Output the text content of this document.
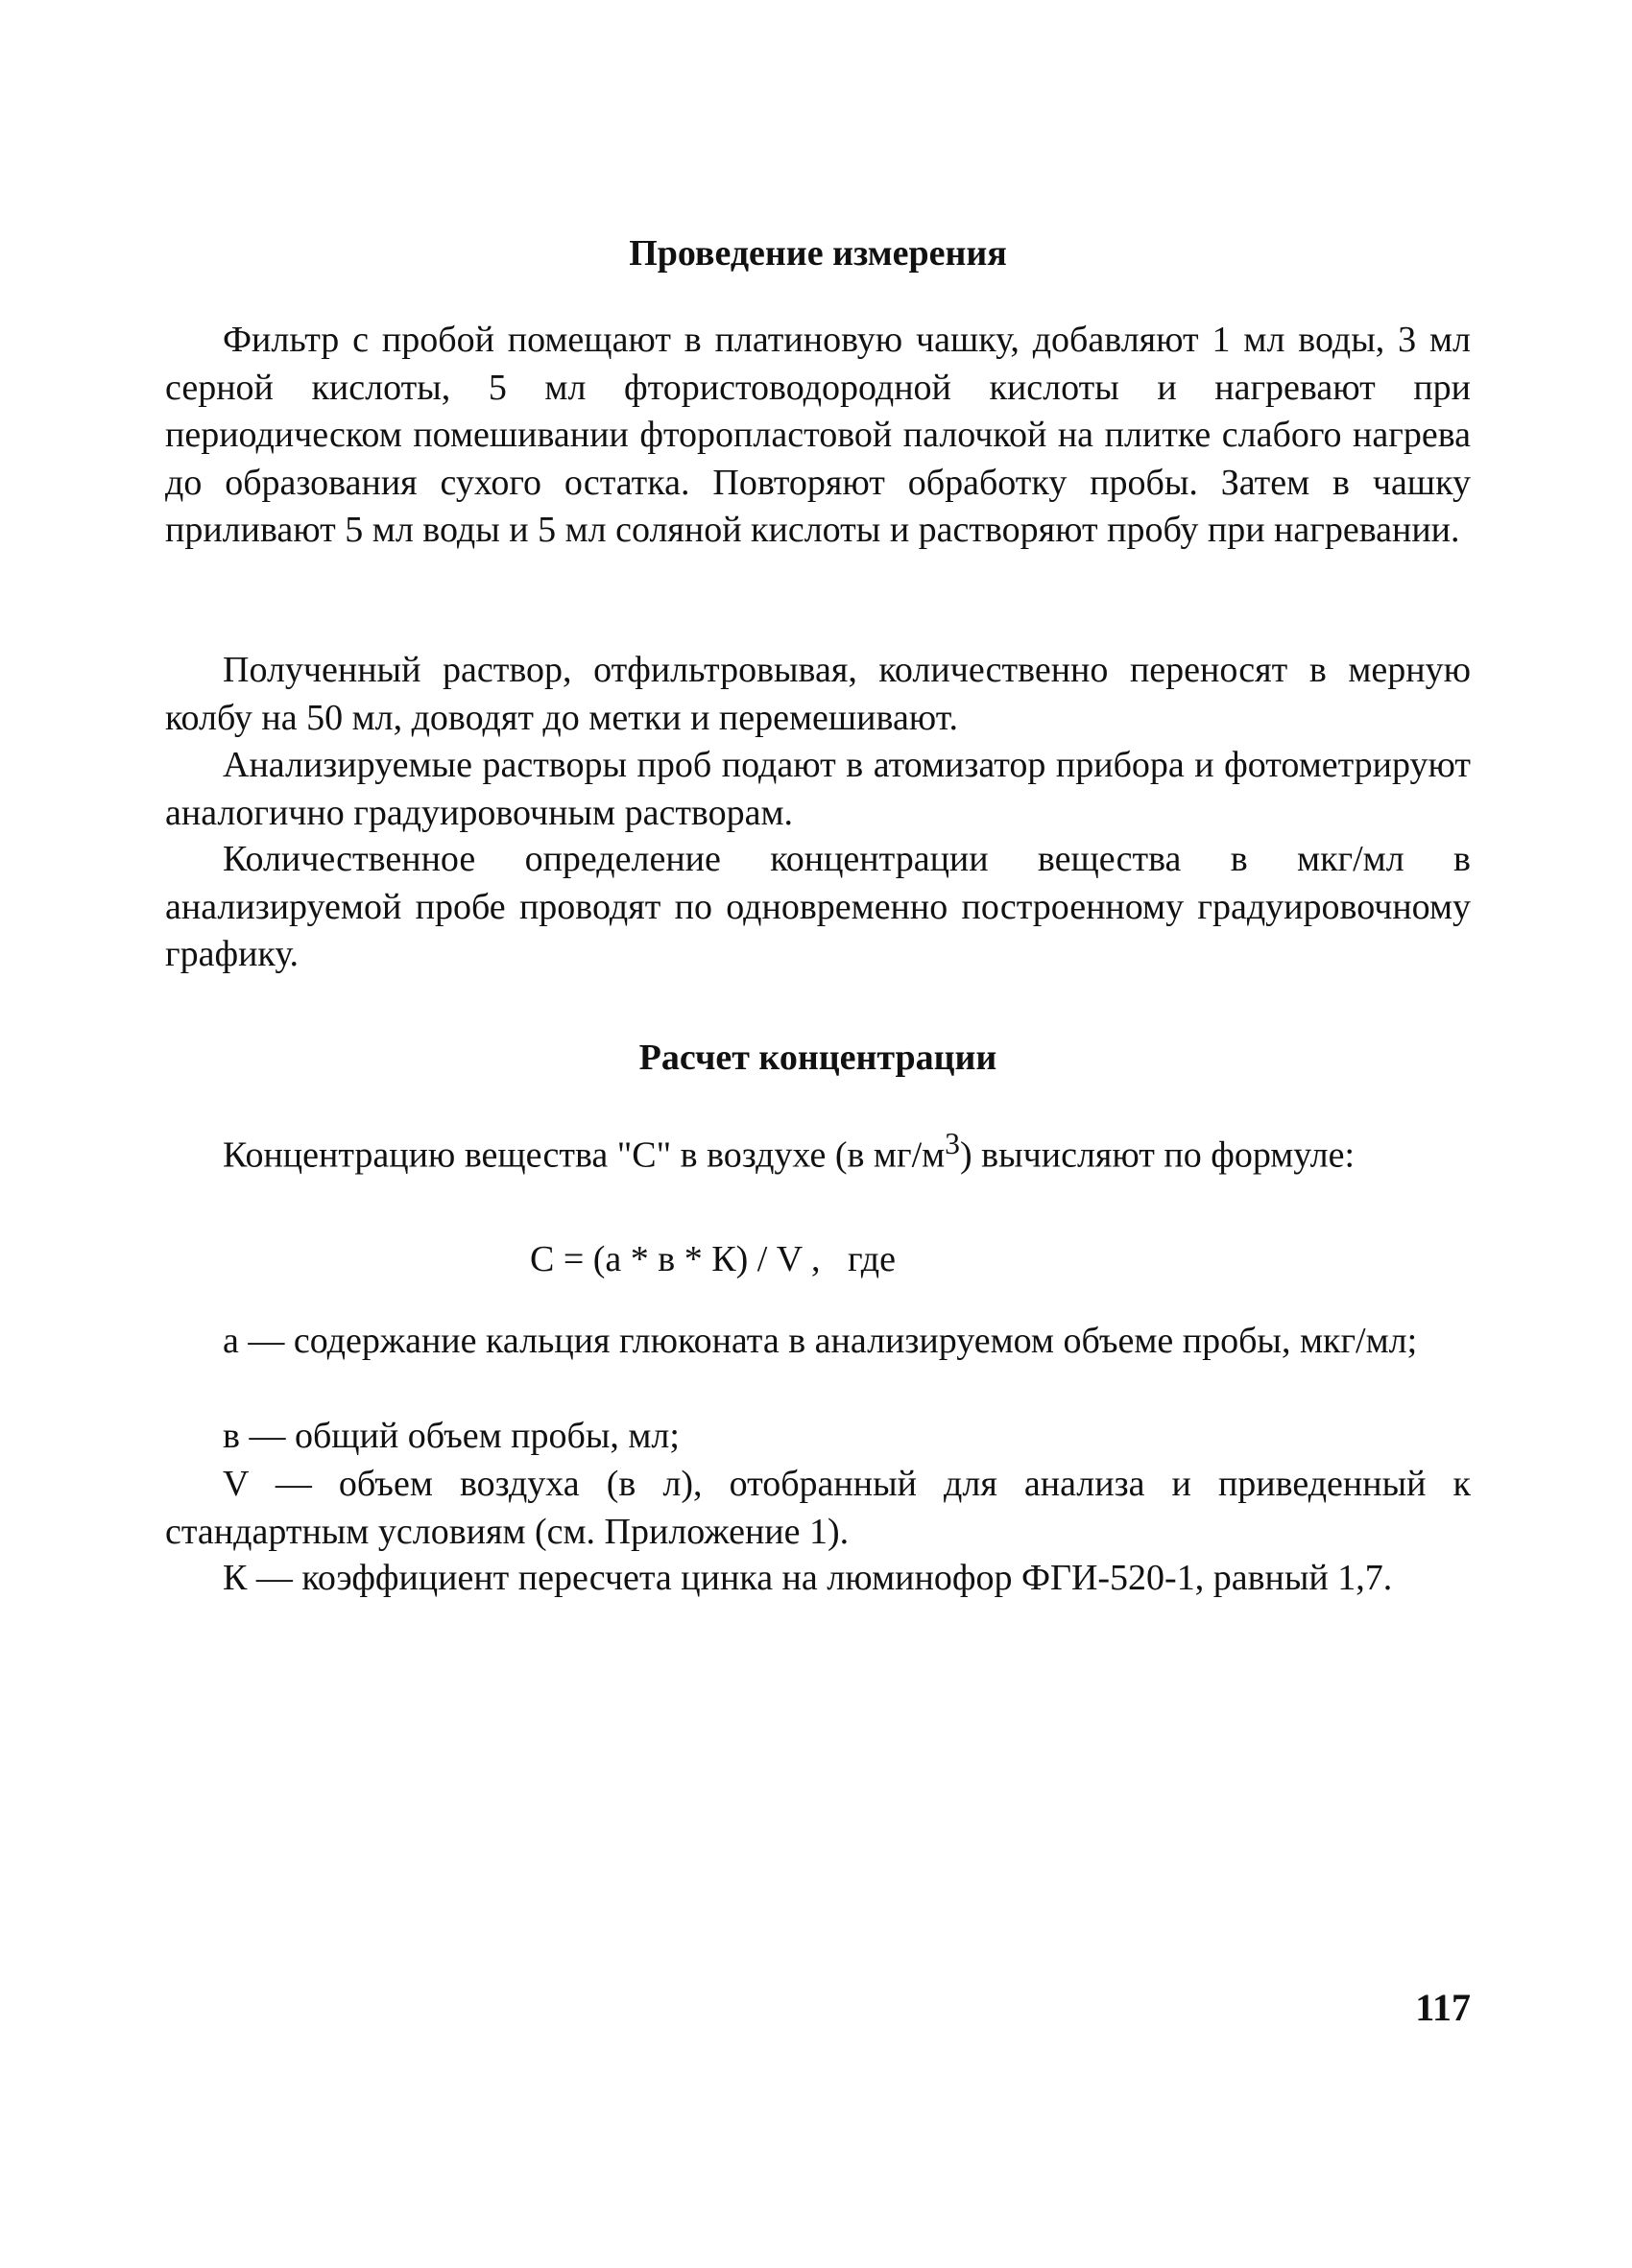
Проведение измерения

Фильтр с пробой помещают в платиновую чашку, добавляют 1 мл воды, 3 мл серной кислоты, 5 мл фтористоводородной кислоты и нагревают при периодическом помешивании фторопластовой палочкой на плитке слабого нагрева до образования сухого остатка. Повторяют обработку пробы. Затем в чашку приливают 5 мл воды и 5 мл соляной кислоты и растворяют пробу при нагревании.

Полученный раствор, отфильтровывая, количественно переносят в мерную колбу на 50 мл, доводят до метки и перемешивают.

Анализируемые растворы проб подают в атомизатор прибора и фотометрируют аналогично градуировочным растворам.

Количественное определение концентрации вещества в мкг/мл в анализируемой пробе проводят по одновременно построенному градуировочному графику.

Расчет концентрации

Концентрацию вещества "С" в воздухе (в $мг/м^3$) вычисляют по формуле:

С = (а * в * К) / V ,   где

а — содержание кальция глюконата в анализируемом объеме пробы, мкг/мл;

в — общий объем пробы, мл;

V — объем воздуха (в л), отобранный для анализа и приведенный к стандартным условиям (см. Приложение 1).

К — коэффициент пересчета цинка на люминофор ФГИ-520-1, равный 1,7.

117
